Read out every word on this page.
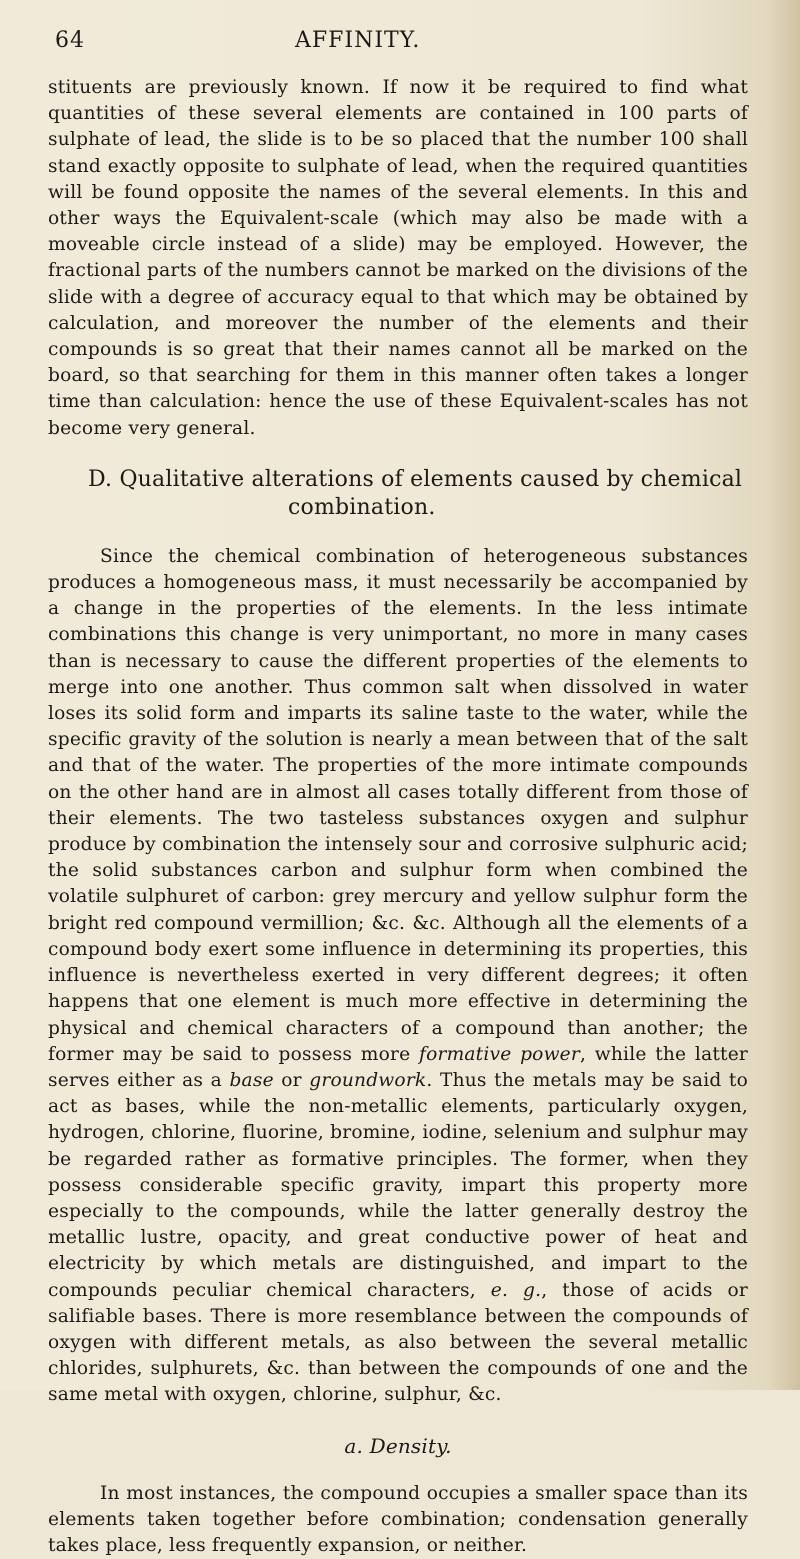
64	AFFINITY.

stituents are previously known. If now it be required to find what quantities of these several elements are contained in 100 parts of sulphate of lead, the slide is to be so placed that the number 100 shall stand exactly opposite to sulphate of lead, when the required quantities will be found opposite the names of the several elements. In this and other ways the Equivalent-scale (which may also be made with a moveable circle instead of a slide) may be employed. However, the fractional parts of the numbers cannot be marked on the divisions of the slide with a degree of accuracy equal to that which may be obtained by calculation, and moreover the number of the elements and their compounds is so great that their names cannot all be marked on the board, so that searching for them in this manner often takes a longer time than calculation: hence the use of these Equivalent-scales has not become very general.

D. Qualitative alterations of elements caused by chemical
combination.

Since the chemical combination of heterogeneous substances produces a homogeneous mass, it must necessarily be accompanied by a change in the properties of the elements. In the less intimate combinations this change is very unimportant, no more in many cases than is necessary to cause the different properties of the elements to merge into one another. Thus common salt when dissolved in water loses its solid form and imparts its saline taste to the water, while the specific gravity of the solution is nearly a mean between that of the salt and that of the water. The properties of the more intimate compounds on the other hand are in almost all cases totally different from those of their elements. The two tasteless substances oxygen and sulphur produce by combination the intensely sour and corrosive sulphuric acid; the solid substances carbon and sulphur form when combined the volatile sulphuret of carbon: grey mercury and yellow sulphur form the bright red compound vermillion; &c. &c. Although all the elements of a compound body exert some influence in determining its properties, this influence is nevertheless exerted in very different degrees; it often happens that one element is much more effective in determining the physical and chemical characters of a compound than another; the former may be said to possess more formative power, while the latter serves either as a base or groundwork. Thus the metals may be said to act as bases, while the non-metallic elements, particularly oxygen, hydrogen, chlorine, fluorine, bromine, iodine, selenium and sulphur may be regarded rather as formative principles. The former, when they possess considerable specific gravity, impart this property more especially to the compounds, while the latter generally destroy the metallic lustre, opacity, and great conductive power of heat and electricity by which metals are distinguished, and impart to the compounds peculiar chemical characters, e. g., those of acids or salifiable bases. There is more resemblance between the compounds of oxygen with different metals, as also between the several metallic chlorides, sulphurets, &c. than between the compounds of one and the same metal with oxygen, chlorine, sulphur, &c.

a. Density.

In most instances, the compound occupies a smaller space than its elements taken together before combination; condensation generally takes place, less frequently expansion, or neither.
